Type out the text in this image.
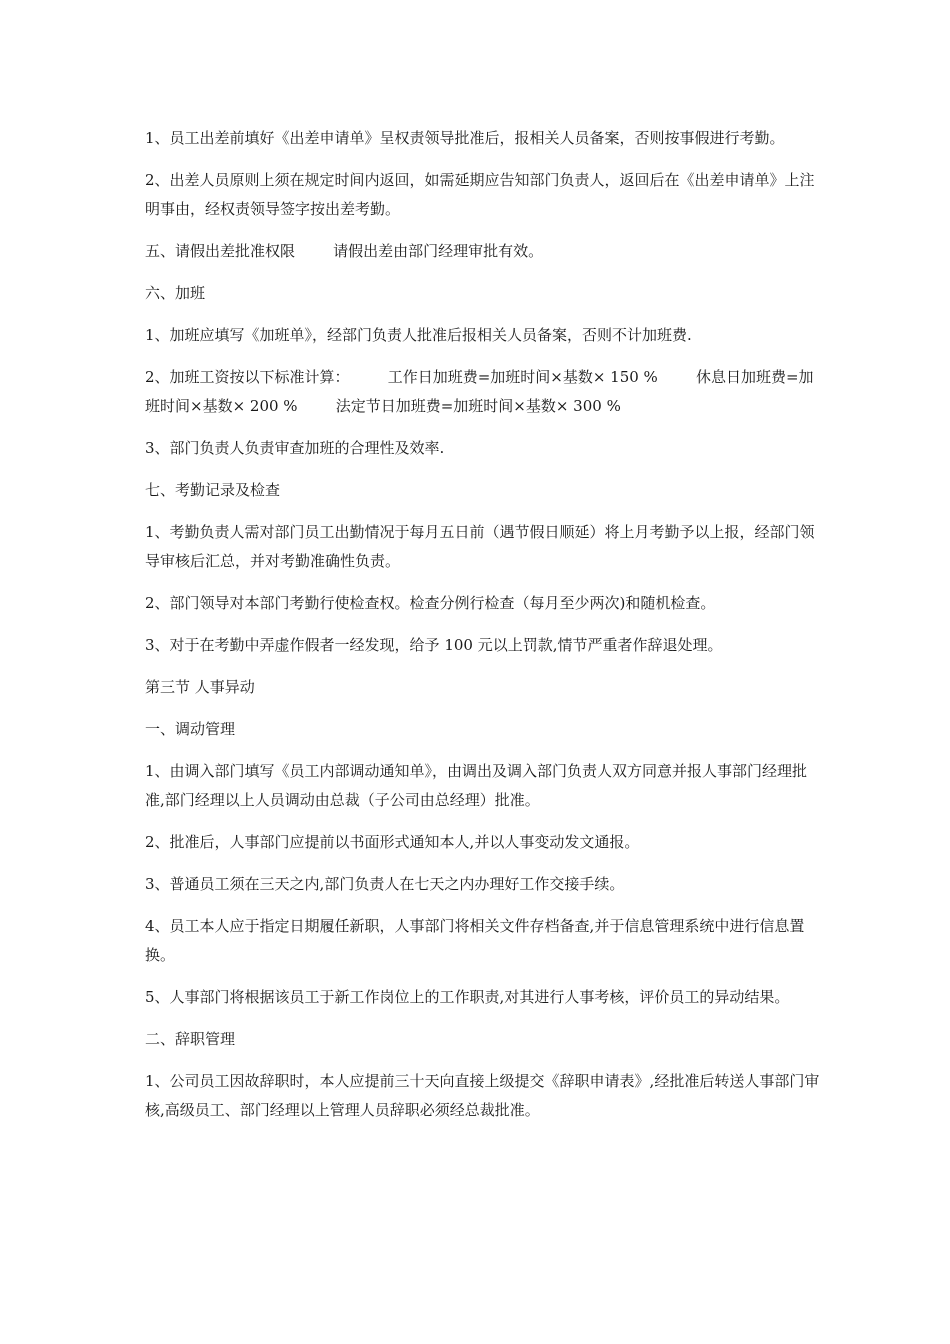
1、员工出差前填好《出差申请单》呈权责领导批准后，报相关人员备案，否则按事假进行考勤。

2、出差人员原则上须在规定时间内返回，如需延期应告知部门负责人，返回后在《出差申请单》上注明事由，经权责领导签字按出差考勤。

五、请假出差批准权限        请假出差由部门经理审批有效。

六、加班

1、加班应填写《加班单》，经部门负责人批准后报相关人员备案，否则不计加班费.

2、加班工资按以下标准计算：        工作日加班费=加班时间×基数× 150 %        休息日加班费=加班时间×基数× 200 %        法定节日加班费=加班时间×基数× 300 %

3、部门负责人负责审查加班的合理性及效率.

七、考勤记录及检查

1、考勤负责人需对部门员工出勤情况于每月五日前（遇节假日顺延）将上月考勤予以上报，经部门领导审核后汇总，并对考勤准确性负责。

2、部门领导对本部门考勤行使检查权。检查分例行检查（每月至少两次)和随机检查。

3、对于在考勤中弄虚作假者一经发现，给予 100 元以上罚款,情节严重者作辞退处理。

第三节 人事异动

一、调动管理

1、由调入部门填写《员工内部调动通知单》，由调出及调入部门负责人双方同意并报人事部门经理批准,部门经理以上人员调动由总裁（子公司由总经理）批准。

2、批准后，人事部门应提前以书面形式通知本人,并以人事变动发文通报。

3、普通员工须在三天之内,部门负责人在七天之内办理好工作交接手续。

4、员工本人应于指定日期履任新职，人事部门将相关文件存档备查,并于信息管理系统中进行信息置换。

5、人事部门将根据该员工于新工作岗位上的工作职责,对其进行人事考核，评价员工的异动结果。

二、辞职管理

1、公司员工因故辞职时，本人应提前三十天向直接上级提交《辞职申请表》,经批准后转送人事部门审核,高级员工、部门经理以上管理人员辞职必须经总裁批准。
